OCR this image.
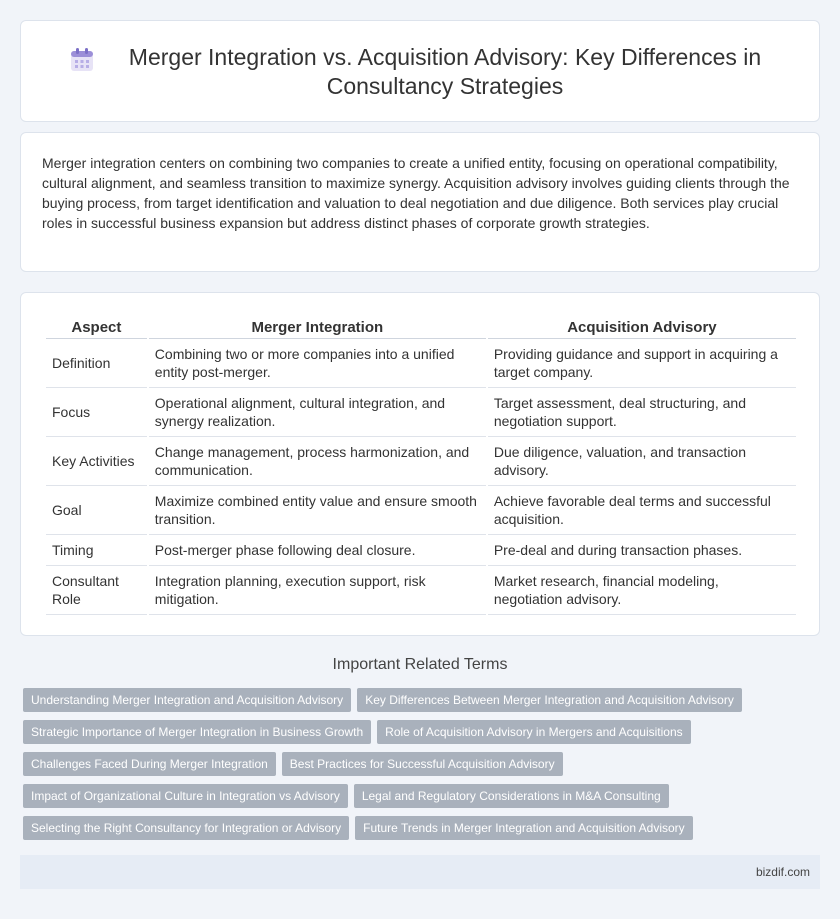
Merger Integration vs. Acquisition Advisory: Key Differences in Consultancy Strategies

Merger integration centers on combining two companies to create a unified entity, focusing on operational compatibility, cultural alignment, and seamless transition to maximize synergy. Acquisition advisory involves guiding clients through the buying process, from target identification and valuation to deal negotiation and due diligence. Both services play crucial roles in successful business expansion but address distinct phases of corporate growth strategies.

Aspect	Merger Integration	Acquisition Advisory
Definition	Combining two or more companies into a unified entity post-merger.	Providing guidance and support in acquiring a target company.
Focus	Operational alignment, cultural integration, and synergy realization.	Target assessment, deal structuring, and negotiation support.
Key Activities	Change management, process harmonization, and communication.	Due diligence, valuation, and transaction advisory.
Goal	Maximize combined entity value and ensure smooth transition.	Achieve favorable deal terms and successful acquisition.
Timing	Post-merger phase following deal closure.	Pre-deal and during transaction phases.
Consultant Role	Integration planning, execution support, risk mitigation.	Market research, financial modeling, negotiation advisory.
Important Related Terms
Understanding Merger Integration and Acquisition Advisory	Key Differences Between Merger Integration and Acquisition Advisory
Strategic Importance of Merger Integration in Business Growth	Role of Acquisition Advisory in Mergers and Acquisitions
Challenges Faced During Merger Integration	Best Practices for Successful Acquisition Advisory
Impact of Organizational Culture in Integration vs Advisory	Legal and Regulatory Considerations in M&A Consulting
Selecting the Right Consultancy for Integration or Advisory	Future Trends in Merger Integration and Acquisition Advisory
bizdif.com
